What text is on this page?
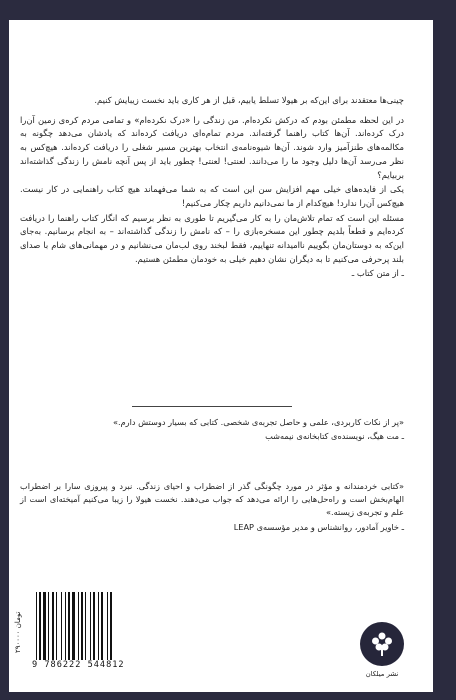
چینی‌ها معتقدند برای این‌که بر هیولا تسلط یابیم، قبل از هر کاری باید نخست زیبایش کنیم.

در این لحظه مطمئن بودم که درکش نکرده‌ام. من زندگی را «درک نکرده‌ام» و تمامی مردم کره‌ی زمین آن‌را درک کرده‌اند. آن‌ها کتاب راهنما گرفته‌اند. مردم تمام‌ه‌ای دریافت کرده‌اند که یادشان می‌دهد چگونه به مکالمه‌های طنزآمیز وارد شوند. آن‌ها شیوه‌نامه‌ی انتخاب بهترین مسیر شغلی را دریافت کرده‌اند. هیچ‌کس به نظر می‌رسد آن‌ها دلیل وجود ما را می‌دانند. لعنتی! لعنتی! چطور باید از پس آنچه نامش را زندگی گذاشته‌اند بربیایم؟

یکی از فایده‌های خیلی مهم افزایش سن این است که به شما می‌فهماند هیچ کتاب راهنمایی در کار نیست. هیچ‌کس آن‌را ندارد! هیچ‌کدام از ما نمی‌دانیم داریم چکار می‌کنیم!

مسئله این است که تمام تلاش‌مان را به کار می‌گیریم تا طوری به نظر برسیم که انگار کتاب راهنما را دریافت کرده‌ایم و قطعاً بلدیم چطور این مسخره‌بازی را – که نامش را زندگی گذاشته‌اند – به انجام برسانیم. به‌جای این‌که به دوستان‌مان بگوییم ناامیدانه تنهاییم، فقط لبخند روی لب‌مان می‌نشانیم و در مهمانی‌های شام با صدای بلند پرحرفی می‌کنیم تا به دیگران نشان دهیم خیلی به خودمان مطمئن هستیم.

ـ از متن کتاب ـ

«پر از نکات کاربردی، علمی و حاصل تجربه‌ی شخصی. کتابی که بسیار دوستش دارم.»

ـ مت هیگ، نویسنده‌ی کتابخانه‌ی نیمه‌شب

«کتابی خردمندانه و مؤثر در مورد چگونگی گذر از اضطراب و احیای زندگی. نبرد و پیروزی سارا بر اضطراب الهام‌بخش است و راه‌حل‌هایی را ارائه می‌دهد که جواب می‌دهند. نخست هیولا را زیبا می‌کنیم آمیخته‌ای است از علم و تجربه‌ی زیسته.»

ـ خاویر آمادور، روانشناس و مدیر مؤسسه‌ی LEAP

۲۹۰۰۰۰ تومان
9 786222 544812
نشر میلکان
